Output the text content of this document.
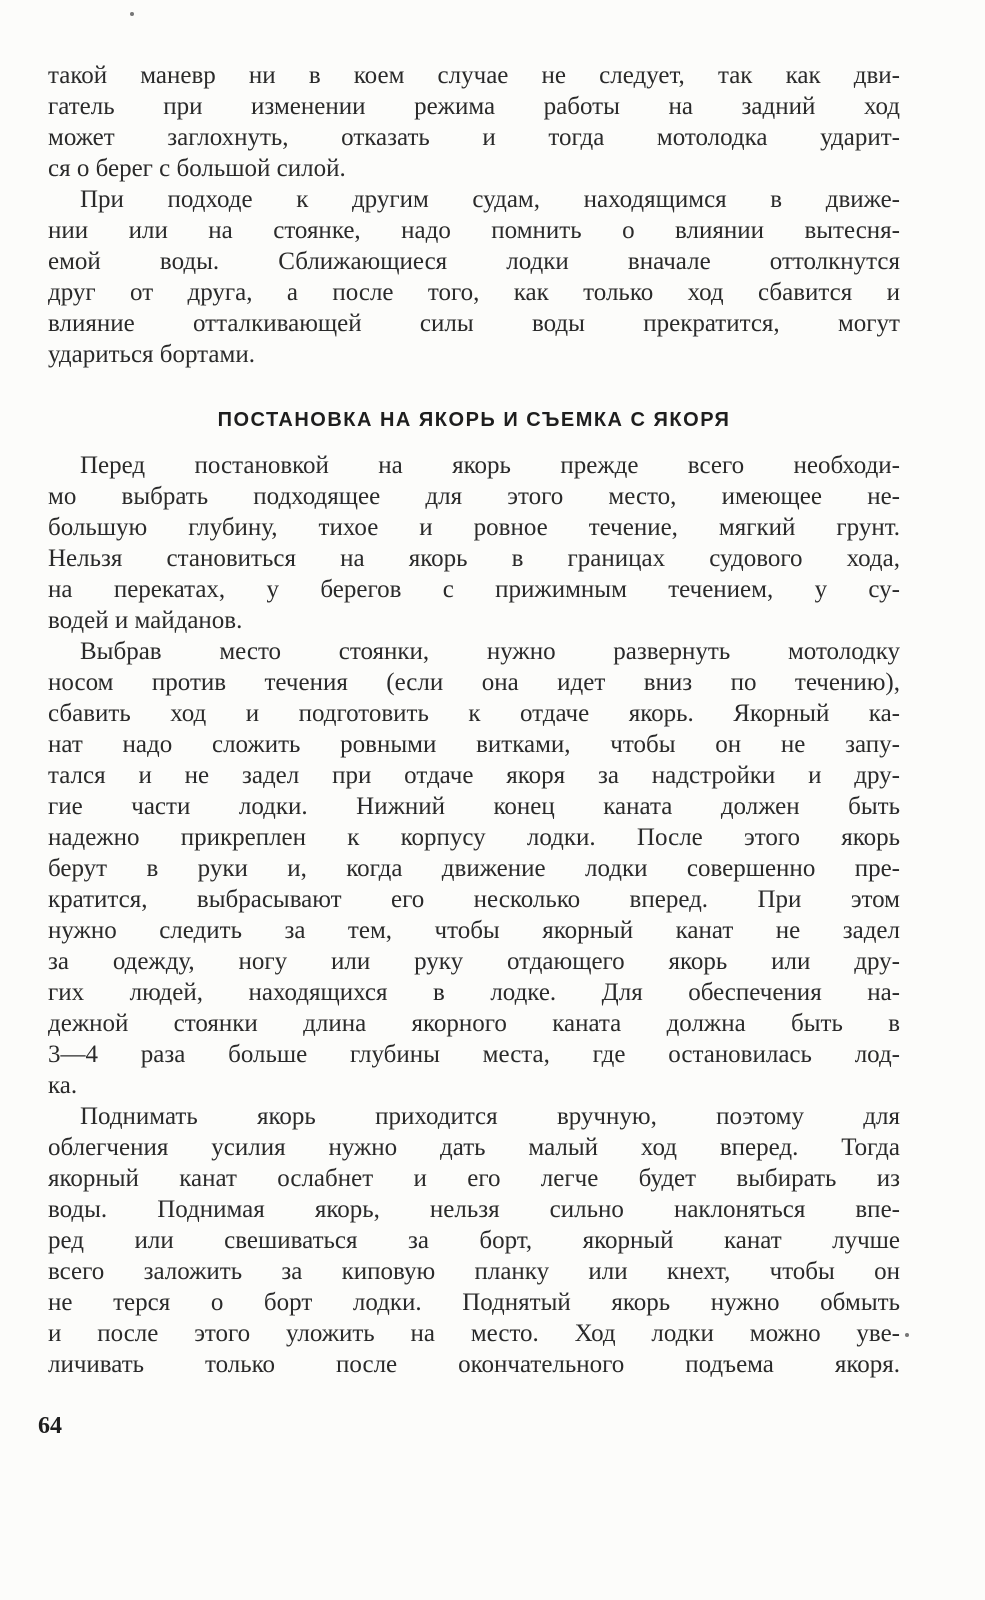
такой маневр ни в коем случае не следует, так как дви-
гатель при изменении режима работы на задний ход
может заглохнуть, отказать и тогда мотолодка ударит-
ся о берег с большой силой.
При подходе к другим судам, находящимся в движе-
нии или на стоянке, надо помнить о влиянии вытесня-
емой воды. Сближающиеся лодки вначале оттолкнутся
друг от друга, а после того, как только ход сбавится и
влияние отталкивающей силы воды прекратится, могут
удариться бортами.
ПОСТАНОВКА НА ЯКОРЬ И СЪЕМКА С ЯКОРЯ
Перед постановкой на якорь прежде всего необходи-
мо выбрать подходящее для этого место, имеющее не-
большую глубину, тихое и ровное течение, мягкий грунт.
Нельзя становиться на якорь в границах судового хода,
на перекатах, у берегов с прижимным течением, у су-
водей и майданов.
Выбрав место стоянки, нужно развернуть мотолодку
носом против течения (если она идет вниз по течению),
сбавить ход и подготовить к отдаче якорь. Якорный ка-
нат надо сложить ровными витками, чтобы он не запу-
тался и не задел при отдаче якоря за надстройки и дру-
гие части лодки. Нижний конец каната должен быть
надежно прикреплен к корпусу лодки. После этого якорь
берут в руки и, когда движение лодки совершенно пре-
кратится, выбрасывают его несколько вперед. При этом
нужно следить за тем, чтобы якорный канат не задел
за одежду, ногу или руку отдающего якорь или дру-
гих людей, находящихся в лодке. Для обеспечения на-
дежной стоянки длина якорного каната должна быть в
3—4 раза больше глубины места, где остановилась лод-
ка.
Поднимать якорь приходится вручную, поэтому для
облегчения усилия нужно дать малый ход вперед. Тогда
якорный канат ослабнет и его легче будет выбирать из
воды. Поднимая якорь, нельзя сильно наклоняться впе-
ред или свешиваться за борт, якорный канат лучше
всего заложить за киповую планку или кнехт, чтобы он
не терся о борт лодки. Поднятый якорь нужно обмыть
и после этого уложить на место. Ход лодки можно уве-
личивать только после окончательного подъема якоря.
64
